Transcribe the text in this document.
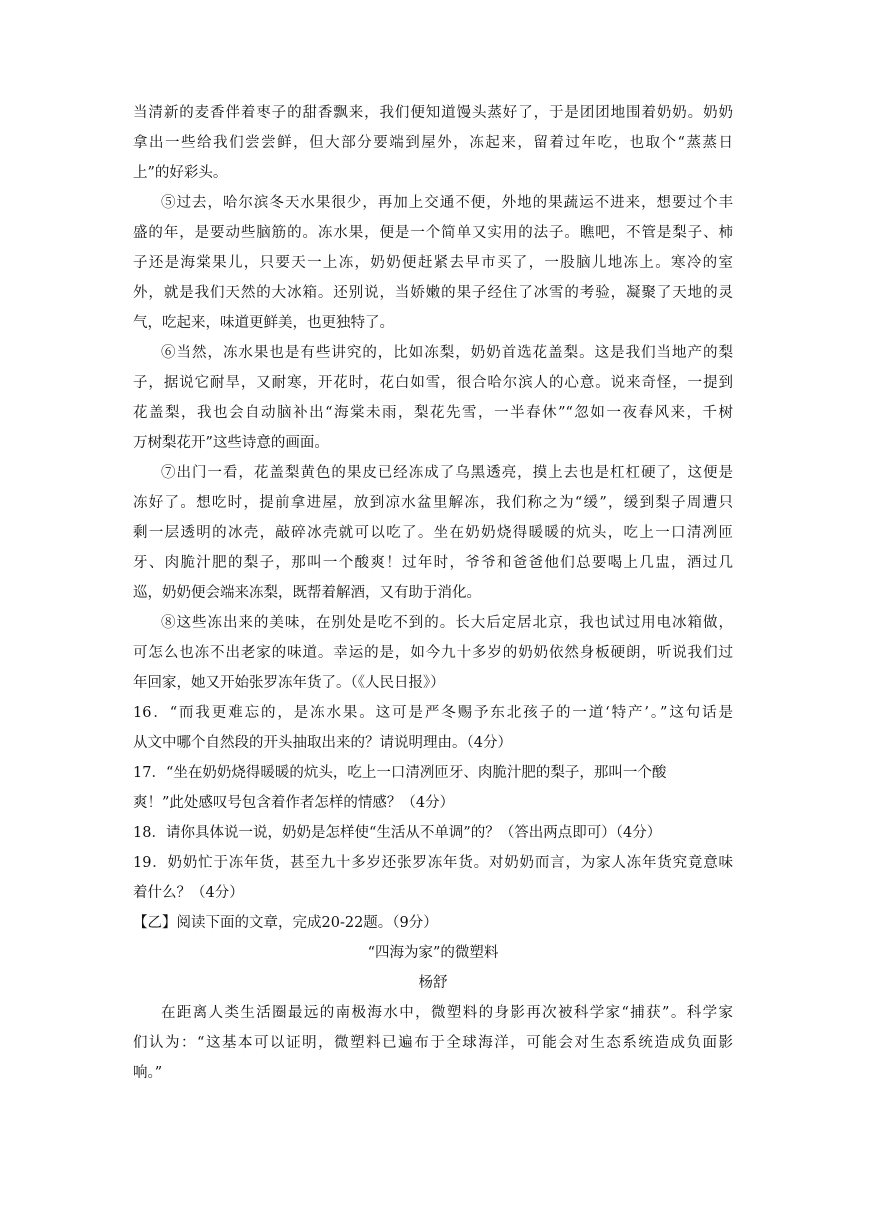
当清新的麦香伴着枣子的甜香飘来，我们便知道馒头蒸好了，于是团团地围着奶奶。奶奶
拿出一些给我们尝尝鲜，但大部分要端到屋外，冻起来，留着过年吃，也取个“蒸蒸日
上”的好彩头。
⑤过去，哈尔滨冬天水果很少，再加上交通不便，外地的果蔬运不进来，想要过个丰
盛的年，是要动些脑筋的。冻水果，便是一个简单又实用的法子。瞧吧，不管是梨子、柿
子还是海棠果儿，只要天一上冻，奶奶便赶紧去早市买了，一股脑儿地冻上。寒冷的室
外，就是我们天然的大冰箱。还别说，当娇嫩的果子经住了冰雪的考验，凝聚了天地的灵
气，吃起来，味道更鲜美，也更独特了。
⑥当然，冻水果也是有些讲究的，比如冻梨，奶奶首选花盖梨。这是我们当地产的梨
子，据说它耐旱，又耐寒，开花时，花白如雪，很合哈尔滨人的心意。说来奇怪，一提到
花盖梨，我也会自动脑补出“海棠未雨，梨花先雪，一半春休”“忽如一夜春风来，千树
万树梨花开”这些诗意的画面。
⑦出门一看，花盖梨黄色的果皮已经冻成了乌黑透亮，摸上去也是杠杠硬了，这便是
冻好了。想吃时，提前拿进屋，放到凉水盆里解冻，我们称之为“缓”，缓到梨子周遭只
剩一层透明的冰壳，敲碎冰壳就可以吃了。坐在奶奶烧得暖暖的炕头，吃上一口清冽匝
牙、肉脆汁肥的梨子，那叫一个酸爽！过年时，爷爷和爸爸他们总要喝上几盅，酒过几
巡，奶奶便会端来冻梨，既帮着解酒，又有助于消化。
⑧这些冻出来的美味，在别处是吃不到的。长大后定居北京，我也试过用电冰箱做，
可怎么也冻不出老家的味道。幸运的是，如今九十多岁的奶奶依然身板硬朗，听说我们过
年回家，她又开始张罗冻年货了。（《人民日报》）
16．“而我更难忘的，是冻水果。这可是严冬赐予东北孩子的一道‘特产’。”这句话是
从文中哪个自然段的开头抽取出来的？请说明理由。（4分）
17．“坐在奶奶烧得暖暖的炕头，吃上一口清冽匝牙、肉脆汁肥的梨子，那叫一个酸
爽！”此处感叹号包含着作者怎样的情感？（4分）
18．请你具体说一说，奶奶是怎样使“生活从不单调”的？（答出两点即可）（4分）
19．奶奶忙于冻年货，甚至九十多岁还张罗冻年货。对奶奶而言，为家人冻年货究竟意味
着什么？（4分）
【乙】阅读下面的文章，完成20-22题。（9分）
“四海为家”的微塑料
杨舒
在距离人类生活圈最远的南极海水中，微塑料的身影再次被科学家“捕获”。科学家
们认为：“这基本可以证明，微塑料已遍布于全球海洋，可能会对生态系统造成负面影
响。”
